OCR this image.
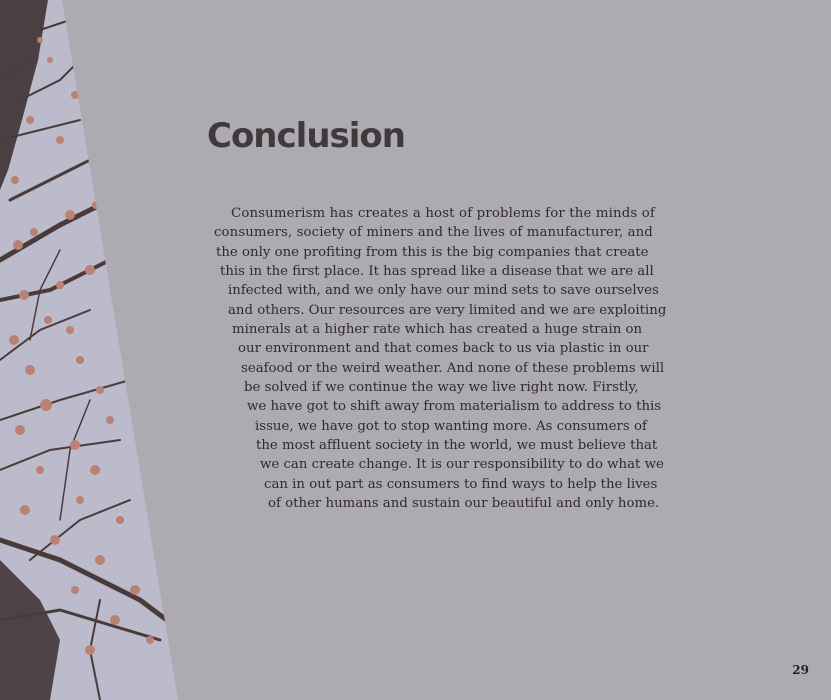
Conclusion
Consumerism has creates a host of problems for the minds of
consumers, society of miners and the lives of manufacturer, and
the only one profiting from this is the big companies that create
this in the first place. It has spread like a disease that we are all
infected with, and we only have our mind sets to save ourselves
and others. Our resources are very limited and we are exploiting
minerals at a higher rate which has created a huge strain on
our environment and that comes back to us via plastic in our
seafood or the weird weather. And none of these problems will
be solved if we continue the way we live right now. Firstly,
we have got to shift away from materialism to address to this
issue, we have got to stop wanting more. As consumers of
the most affluent society in the world, we must believe that
we can create change. It is our responsibility to do what we
can in out part as consumers to find ways to help the lives
of other humans and sustain our beautiful and only home.
29
